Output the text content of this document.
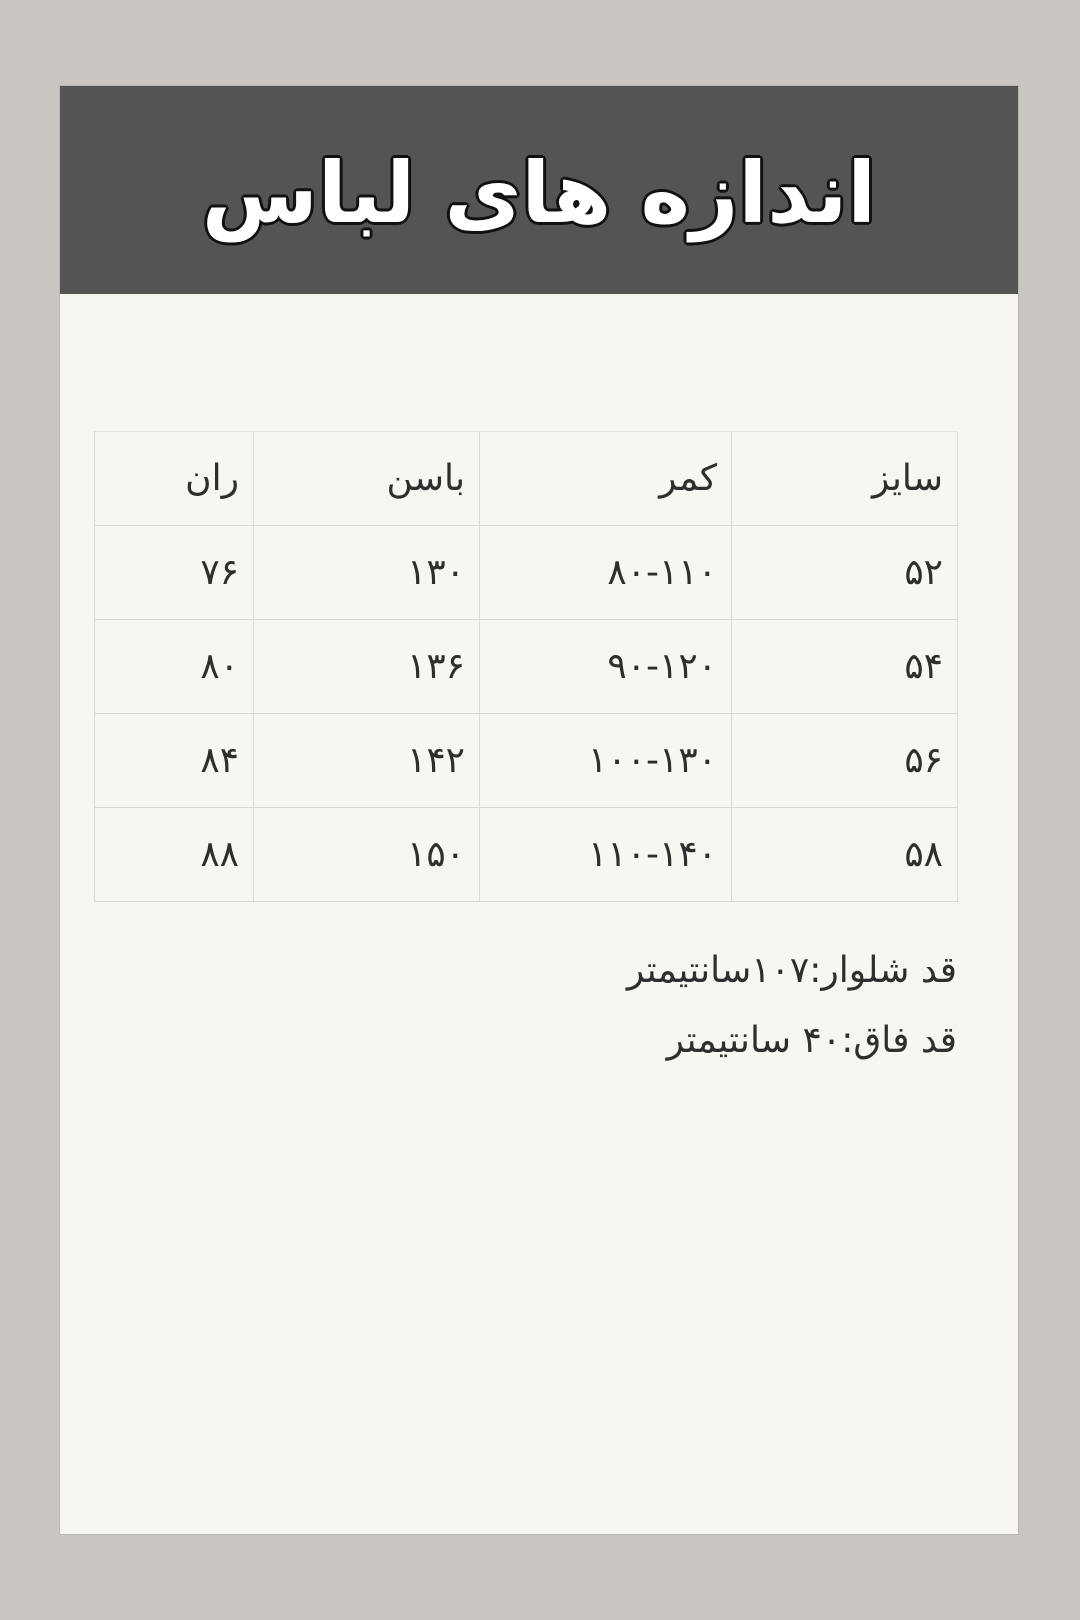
اندازه های لباس
سایز	کمر	باسن	ران
۵۲	۸۰-۱۱۰	۱۳۰	۷۶
۵۴	۹۰-۱۲۰	۱۳۶	۸۰
۵۶	۱۰۰-۱۳۰	۱۴۲	۸۴
۵۸	۱۱۰-۱۴۰	۱۵۰	۸۸
قد شلوار:۱۰۷سانتیمتر
قد فاق:۴۰ سانتیمتر
